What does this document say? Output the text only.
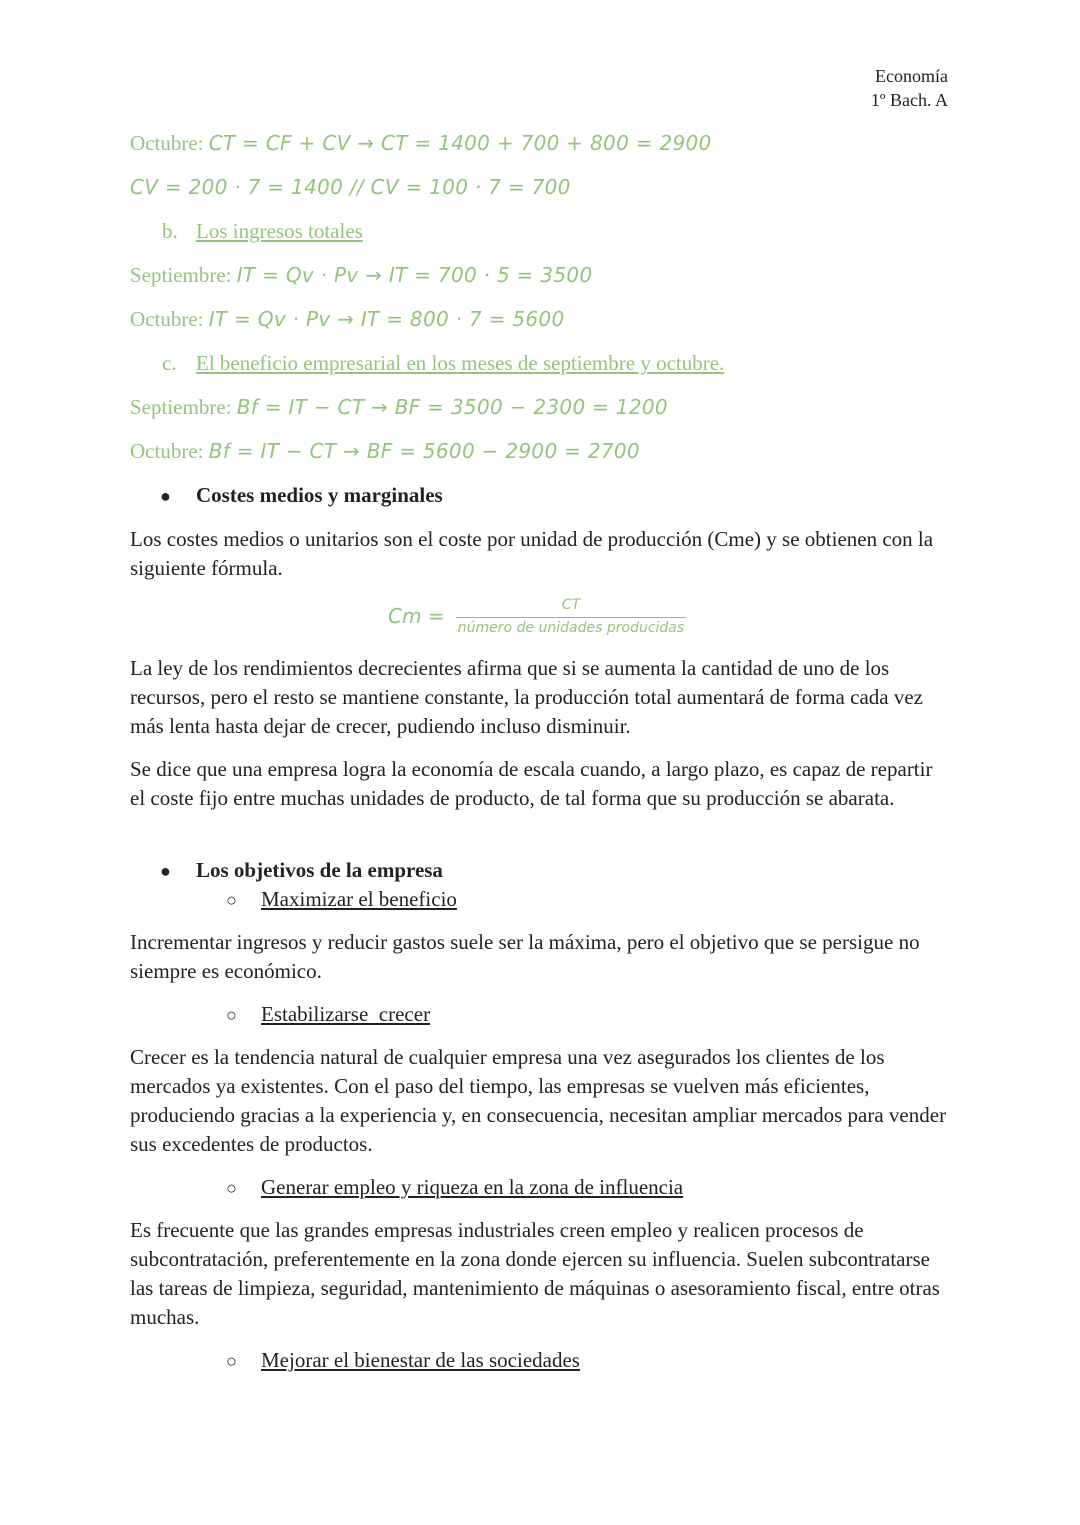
Economía
1º Bach. A
Octubre: CT = CF + CV → CT = 1400 + 700 + 800 = 2900
CV = 200 · 7 = 1400 // CV = 100 · 7 = 700
b. Los ingresos totales
Septiembre: IT = Qv · Pv → IT = 700 · 5 = 3500
Octubre: IT = Qv · Pv → IT = 800 · 7 = 5600
c. El beneficio empresarial en los meses de septiembre y octubre.
Septiembre: Bf = IT − CT → BF = 3500 − 2300 = 1200
Octubre: Bf = IT − CT → BF = 5600 − 2900 = 2700
● Costes medios y marginales
Los costes medios o unitarios son el coste por unidad de producción (Cme) y se obtienen con la siguiente fórmula.
Cm =	CT
número de unidades producidas
La ley de los rendimientos decrecientes afirma que si se aumenta la cantidad de uno de los recursos, pero el resto se mantiene constante, la producción total aumentará de forma cada vez más lenta hasta dejar de crecer, pudiendo incluso disminuir.
Se dice que una empresa logra la economía de escala cuando, a largo plazo, es capaz de repartir el coste fijo entre muchas unidades de producto, de tal forma que su producción se abarata.
● Los objetivos de la empresa
○ Maximizar el beneficio
Incrementar ingresos y reducir gastos suele ser la máxima, pero el objetivo que se persigue no siempre es económico.
○ Estabilizarse  crecer
Crecer es la tendencia natural de cualquier empresa una vez asegurados los clientes de los mercados ya existentes. Con el paso del tiempo, las empresas se vuelven más eficientes, produciendo gracias a la experiencia y, en consecuencia, necesitan ampliar mercados para vender sus excedentes de productos.
○ Generar empleo y riqueza en la zona de influencia
Es frecuente que las grandes empresas industriales creen empleo y realicen procesos de subcontratación, preferentemente en la zona donde ejercen su influencia. Suelen subcontratarse las tareas de limpieza, seguridad, mantenimiento de máquinas o asesoramiento fiscal, entre otras muchas.
○ Mejorar el bienestar de las sociedades
